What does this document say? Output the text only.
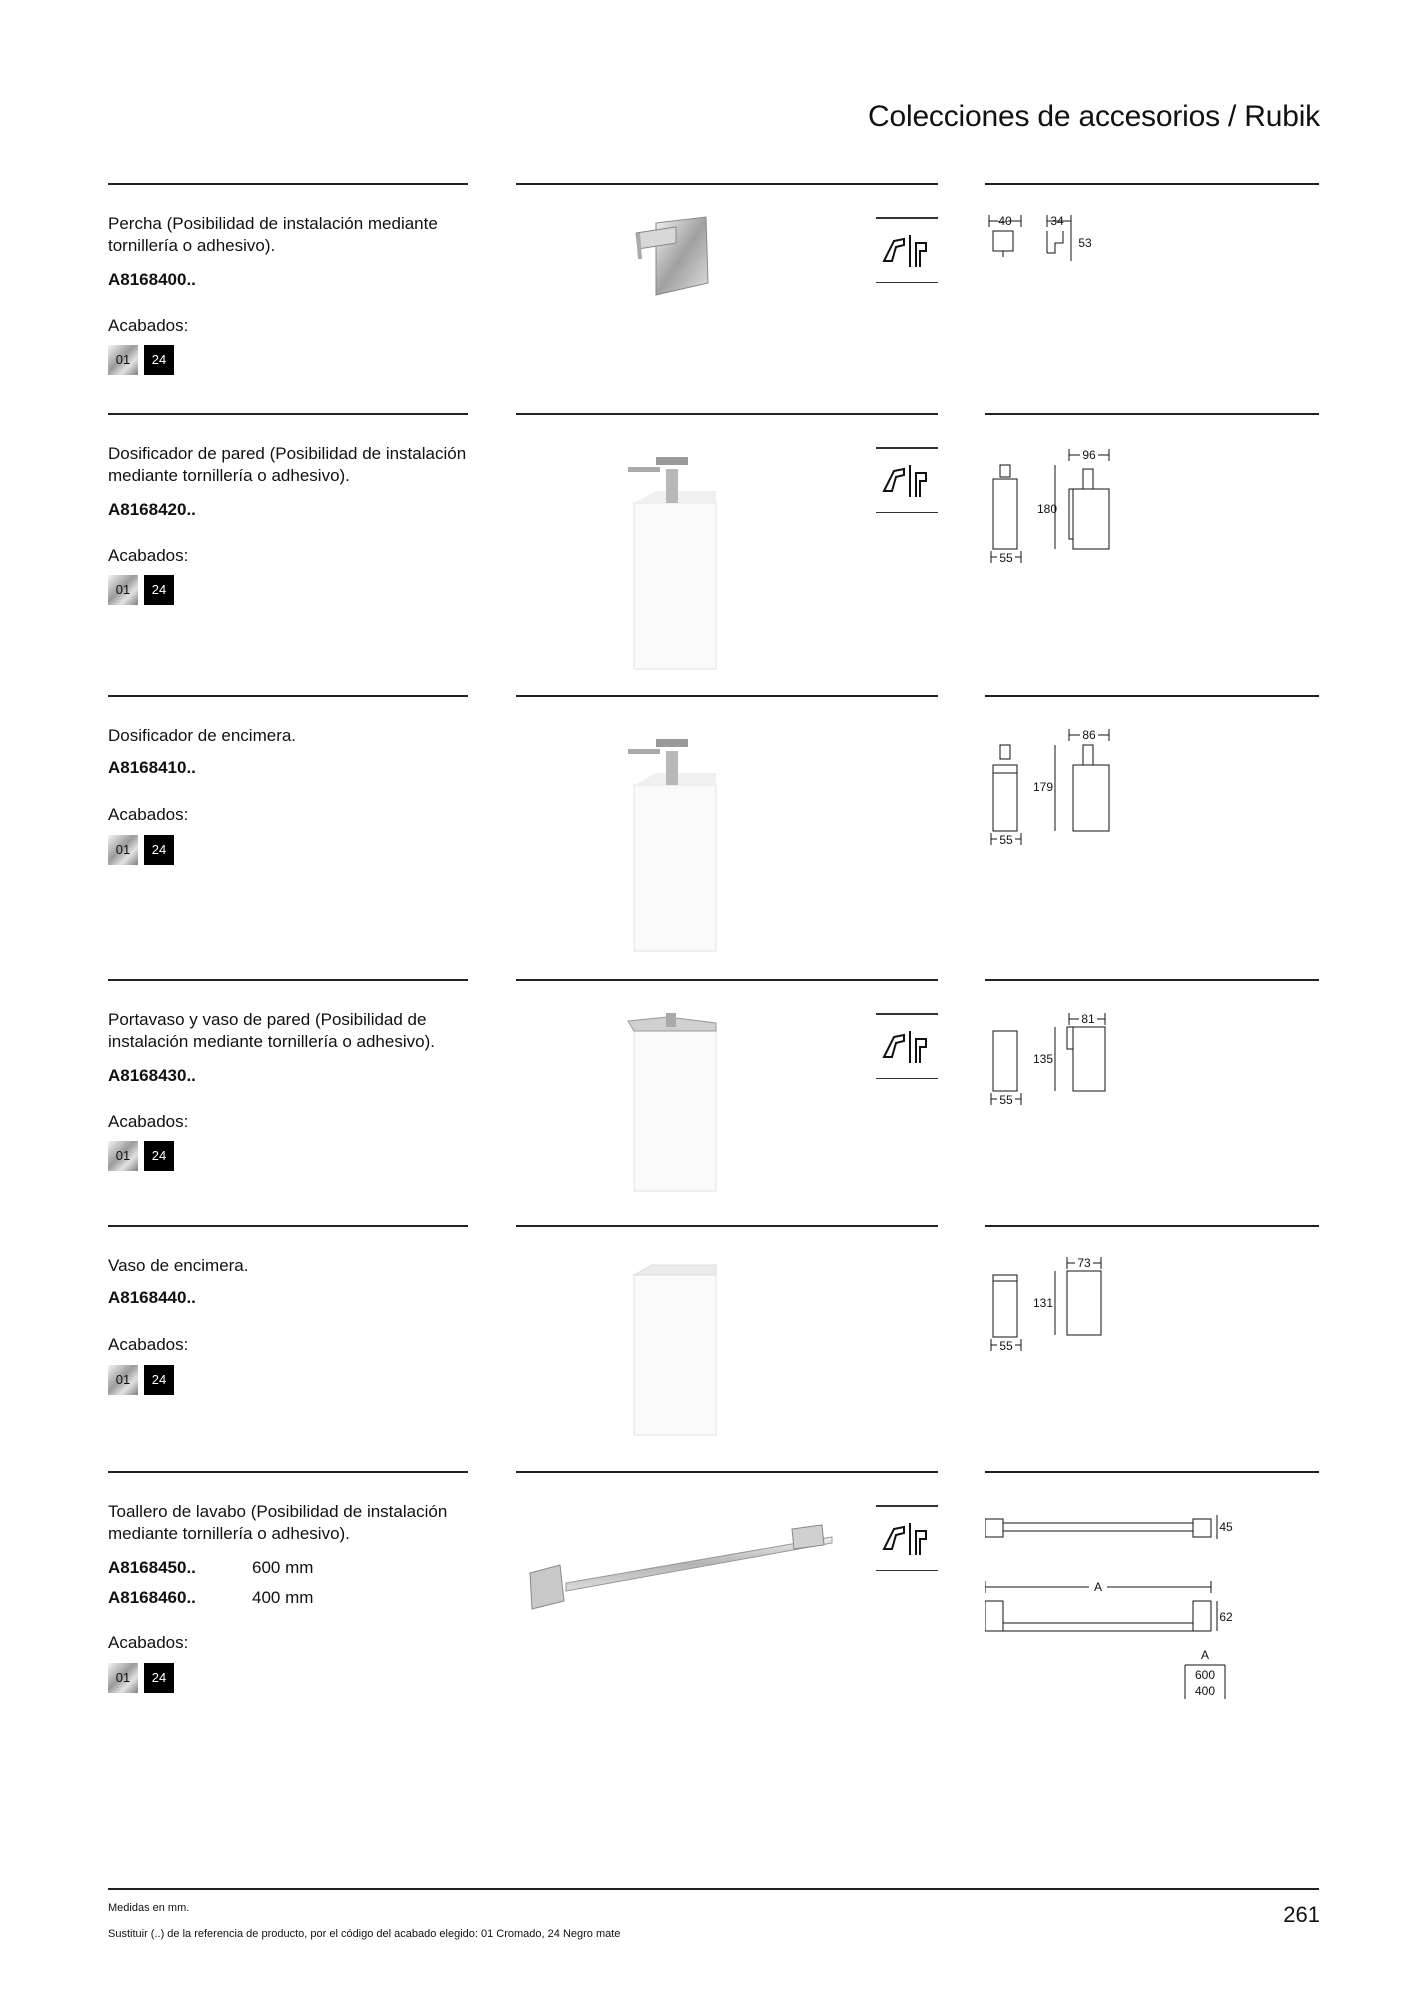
Colecciones de accesorios / Rubik
Percha (Posibilidad de instalación mediante tornillería o adhesivo).
A8168400..
Acabados:
01	24
40	34
53
Dosificador de pared (Posibilidad de instalación mediante tornillería o adhesivo).
A8168420..
Acabados:
01	24
55
96
180
Dosificador de encimera.
A8168410..
Acabados:
01	24
55
86
179
Portavaso y vaso de pared (Posibilidad de instalación mediante tornillería o adhesivo).
A8168430..
Acabados:
01	24
55
81
135
Vaso de encimera.
A8168440..
Acabados:
01	24
55
73
131
Toallero de lavabo (Posibilidad de instalación mediante tornillería o adhesivo).
A8168450..	600 mm
A8168460..	400 mm
Acabados:
01	24
45
A
62
A
600
400
Medidas en mm.
Sustituir (..) de la referencia de producto, por el código del acabado elegido: 01 Cromado, 24 Negro mate
261
